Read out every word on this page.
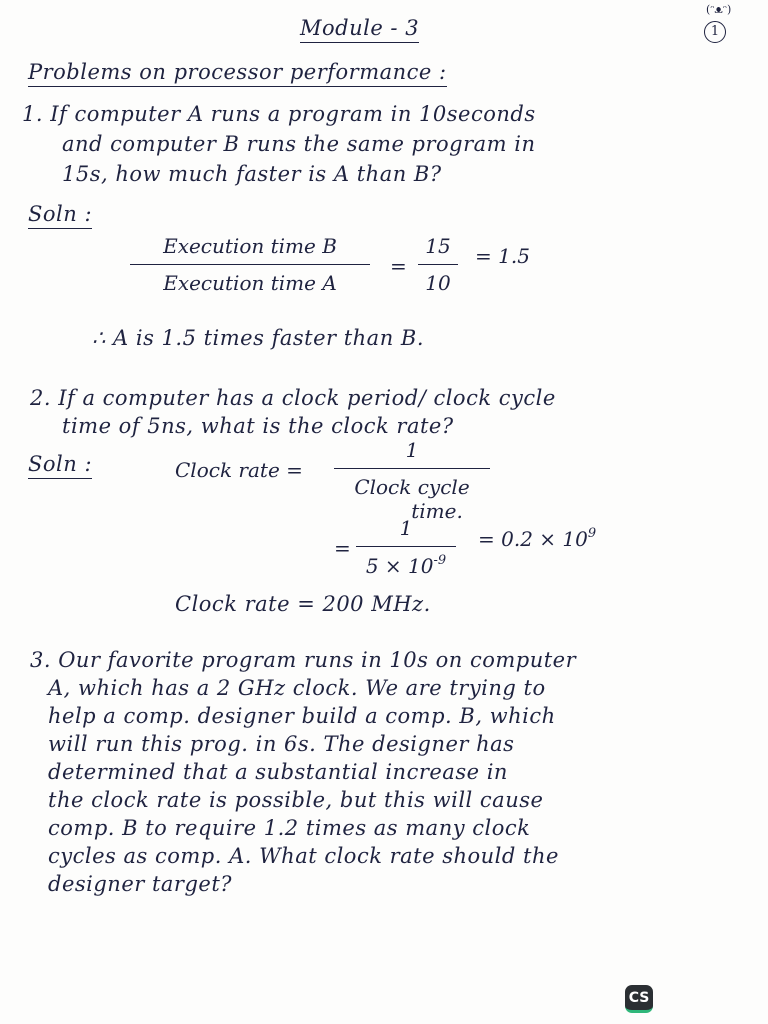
Module - 3
(ᵔᴥᵔ)
1
Problems on processor performance :
1. If computer A runs a program in 10seconds
and computer B runs the same program in
15s, how much faster is A than B?
Soln :
Execution time B
Execution time A
=
15
10
= 1.5
∴ A is 1.5 times faster than B.
2. If a computer has a clock period/ clock cycle
time of 5ns, what is the clock rate?
Soln :	Clock rate =
1
Clock cycle
time.
=
1
$5 \times 10^{-9}$
= $0.2 \times 10^9$
Clock rate = 200 MHz.
3. Our favorite program runs in 10s on computer
A, which has a 2 GHz clock. We are trying to
help a comp. designer build a comp. B, which
will run this prog. in 6s. The designer has
determined that a substantial increase in
the clock rate is possible, but this will cause
comp. B to require 1.2 times as many clock
cycles as comp. A. What clock rate should the
designer target?
CS
